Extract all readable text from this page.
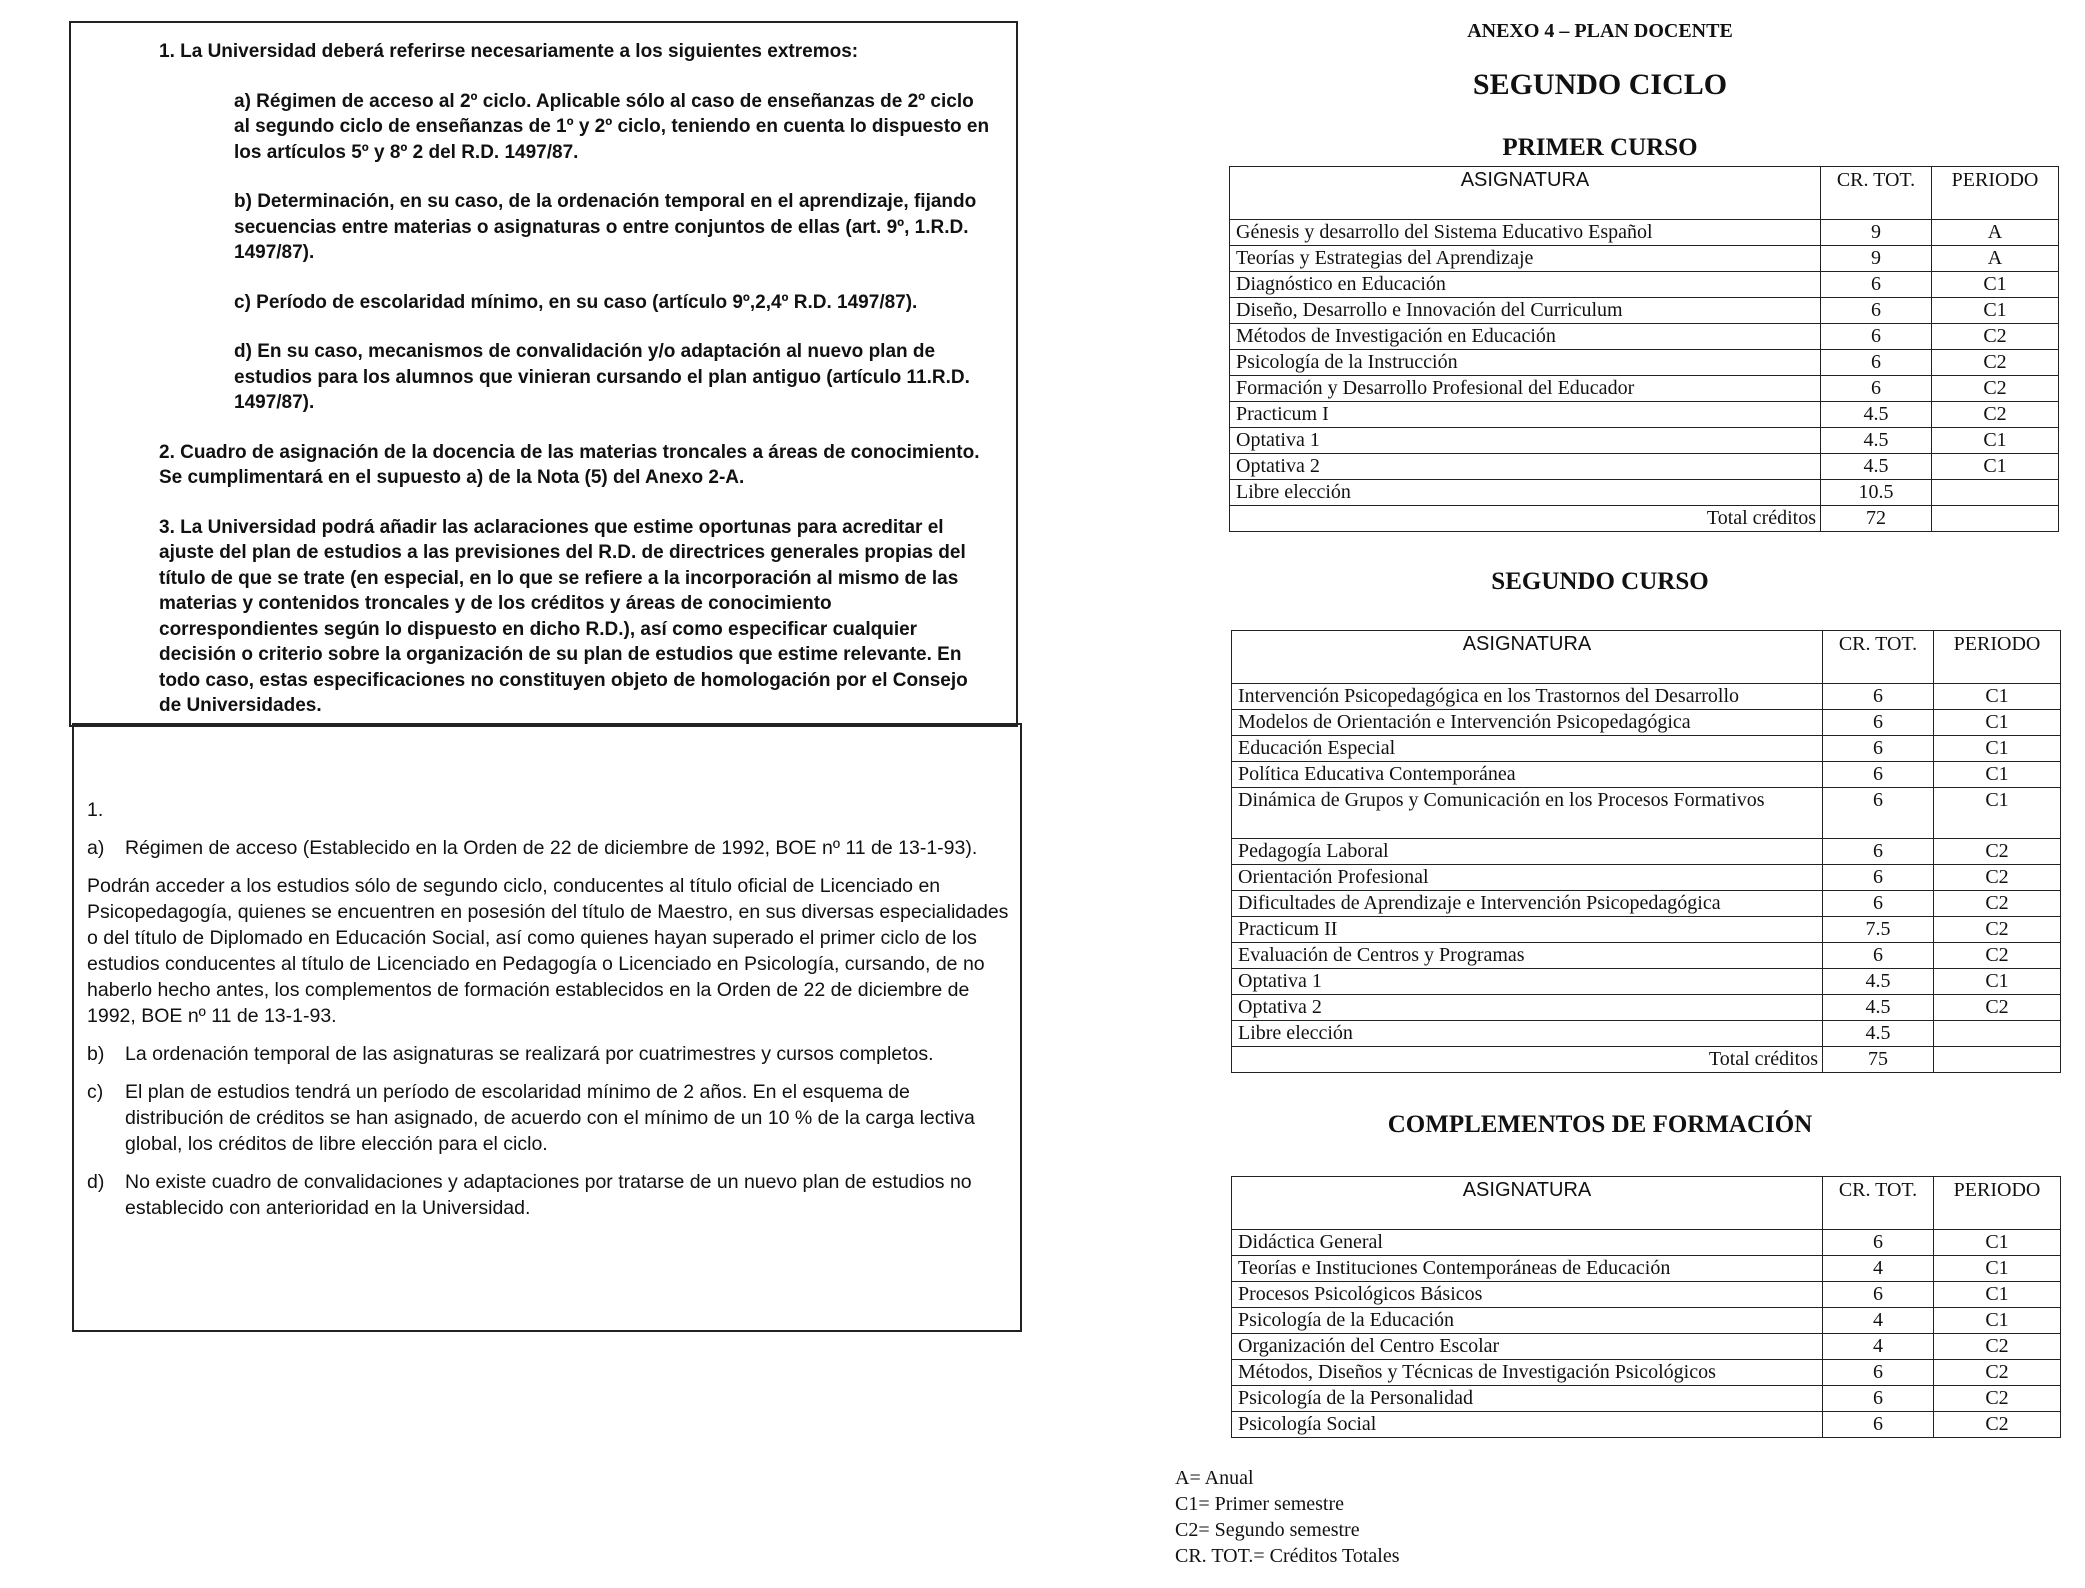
1. La Universidad deberá referirse necesariamente a los siguientes extremos:

a) Régimen de acceso al 2º ciclo. Aplicable sólo al caso de enseñanzas de 2º ciclo al segundo ciclo de enseñanzas de 1º y 2º ciclo, teniendo en cuenta lo dispuesto en los artículos 5º y 8º 2 del R.D. 1497/87.

b) Determinación, en su caso, de la ordenación temporal en el aprendizaje, fijando secuencias entre materias o asignaturas o entre conjuntos de ellas (art. 9º, 1.R.D. 1497/87).

c) Período de escolaridad mínimo, en su caso (artículo 9º,2,4º R.D. 1497/87).

d) En su caso, mecanismos de convalidación y/o adaptación al nuevo plan de estudios para los alumnos que vinieran cursando el plan antiguo (artículo 11.R.D. 1497/87).

2. Cuadro de asignación de la docencia de las materias troncales a áreas de conocimiento. Se cumplimentará en el supuesto a) de la Nota (5) del Anexo 2-A.

3. La Universidad podrá añadir las aclaraciones que estime oportunas para acreditar el ajuste del plan de estudios a las previsiones del R.D. de directrices generales propias del título de que se trate (en especial, en lo que se refiere a la incorporación al mismo de las materias y contenidos troncales y de los créditos y áreas de conocimiento correspondientes según lo dispuesto en dicho R.D.), así como especificar cualquier decisión o criterio sobre la organización de su plan de estudios que estime relevante. En todo caso, estas especificaciones no constituyen objeto de homologación por el Consejo de Universidades.

1.

a)	Régimen de acceso (Establecido en la Orden de 22 de diciembre de 1992, BOE nº 11 de 13-1-93).

Podrán acceder a los estudios sólo de segundo ciclo, conducentes al título oficial de Licenciado en Psicopedagogía, quienes se encuentren en posesión del título de Maestro, en sus diversas especialidades o del título de Diplomado en Educación Social, así como quienes hayan superado el primer ciclo de los estudios conducentes al título de Licenciado en Pedagogía o Licenciado en Psicología, cursando, de no haberlo hecho antes, los complementos de formación establecidos en la Orden de 22 de diciembre de 1992, BOE nº 11 de 13-1-93.

b)	La ordenación temporal de las asignaturas se realizará por cuatrimestres y cursos completos.
c)	El plan de estudios tendrá un período de escolaridad mínimo de 2 años. En el esquema de distribución de créditos se han asignado, de acuerdo con el mínimo de un 10 % de la carga lectiva global, los créditos de libre elección para el ciclo.
d)	No existe cuadro de convalidaciones y adaptaciones por tratarse de un nuevo plan de estudios no establecido con anterioridad en la Universidad.
ANEXO 4 – PLAN DOCENTE
SEGUNDO CICLO
PRIMER CURSO
SEGUNDO CURSO
COMPLEMENTOS DE FORMACIÓN
ASIGNATURA	CR. TOT.	PERIODO
Génesis y desarrollo del Sistema Educativo Español	9	A
Teorías y Estrategias del Aprendizaje	9	A
Diagnóstico en Educación	6	C1
Diseño, Desarrollo e Innovación del Curriculum	6	C1
Métodos de Investigación en Educación	6	C2
Psicología de la Instrucción	6	C2
Formación y Desarrollo Profesional del Educador	6	C2
Practicum I	4.5	C2
Optativa 1	4.5	C1
Optativa 2	4.5	C1
Libre elección	10.5	
Total créditos	72	
ASIGNATURA	CR. TOT.	PERIODO
Intervención Psicopedagógica en los Trastornos del Desarrollo	6	C1
Modelos de Orientación e Intervención Psicopedagógica	6	C1
Educación Especial	6	C1
Política Educativa Contemporánea	6	C1
Dinámica de Grupos y Comunicación en los Procesos Formativos	6	C1
Pedagogía Laboral	6	C2
Orientación Profesional	6	C2
Dificultades de Aprendizaje e Intervención Psicopedagógica	6	C2
Practicum II	7.5	C2
Evaluación de Centros y Programas	6	C2
Optativa 1	4.5	C1
Optativa 2	4.5	C2
Libre elección	4.5	
Total créditos	75	
ASIGNATURA	CR. TOT.	PERIODO
Didáctica General	6	C1
Teorías e Instituciones Contemporáneas de Educación	4	C1
Procesos Psicológicos Básicos	6	C1
Psicología de la Educación	4	C1
Organización del Centro Escolar	4	C2
Métodos, Diseños y Técnicas de Investigación Psicológicos	6	C2
Psicología de la Personalidad	6	C2
Psicología Social	6	C2
A= Anual
C1= Primer semestre
C2= Segundo semestre
CR. TOT.= Créditos Totales
